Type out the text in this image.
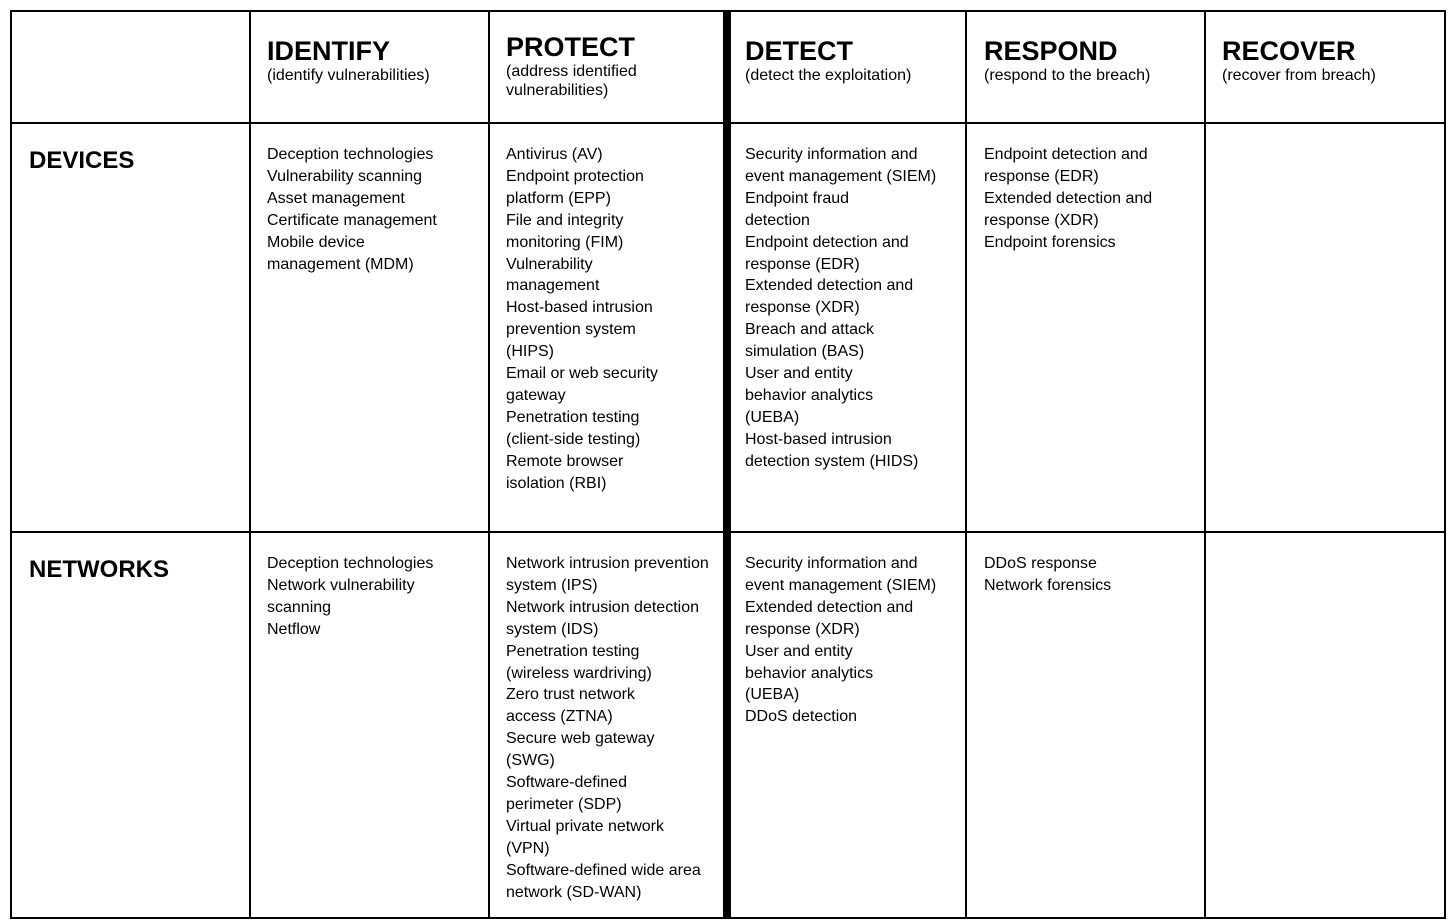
IDENTIFY

(identify vulnerabilities)

PROTECT

(address identified vulnerabilities)

DETECT

(detect the exploitation)

RESPOND

(respond to the breach)

RECOVER

(recover from breach)

DEVICES	Deception technologies
Vulnerability scanning
Asset management
Certificate management
Mobile device management (MDM)
Antivirus (AV)
Endpoint protection platform (EPP)
File and integrity monitoring (FIM)
Vulnerability management
Host-based intrusion prevention system (HIPS)
Email or web security gateway
Penetration testing (client-side testing)
Remote browser isolation (RBI)
Security information and event management (SIEM)
Endpoint fraud detection
Endpoint detection and response (EDR)
Extended detection and response (XDR)
Breach and attack simulation (BAS)
User and entity behavior analytics (UEBA)
Host-based intrusion detection system (HIDS)
Endpoint detection and response (EDR)
Extended detection and response (XDR)
Endpoint forensics

NETWORKS	Deception technologies
Network vulnerability scanning
Netflow
Network intrusion prevention system (IPS)
Network intrusion detection system (IDS)
Penetration testing (wireless wardriving)
Zero trust network access (ZTNA)
Secure web gateway (SWG)
Software-defined perimeter (SDP)
Virtual private network (VPN)
Software-defined wide area network (SD-WAN)
Security information and event management (SIEM)
Extended detection and response (XDR)
User and entity behavior analytics (UEBA)
DDoS detection
DDoS response
Network forensics
